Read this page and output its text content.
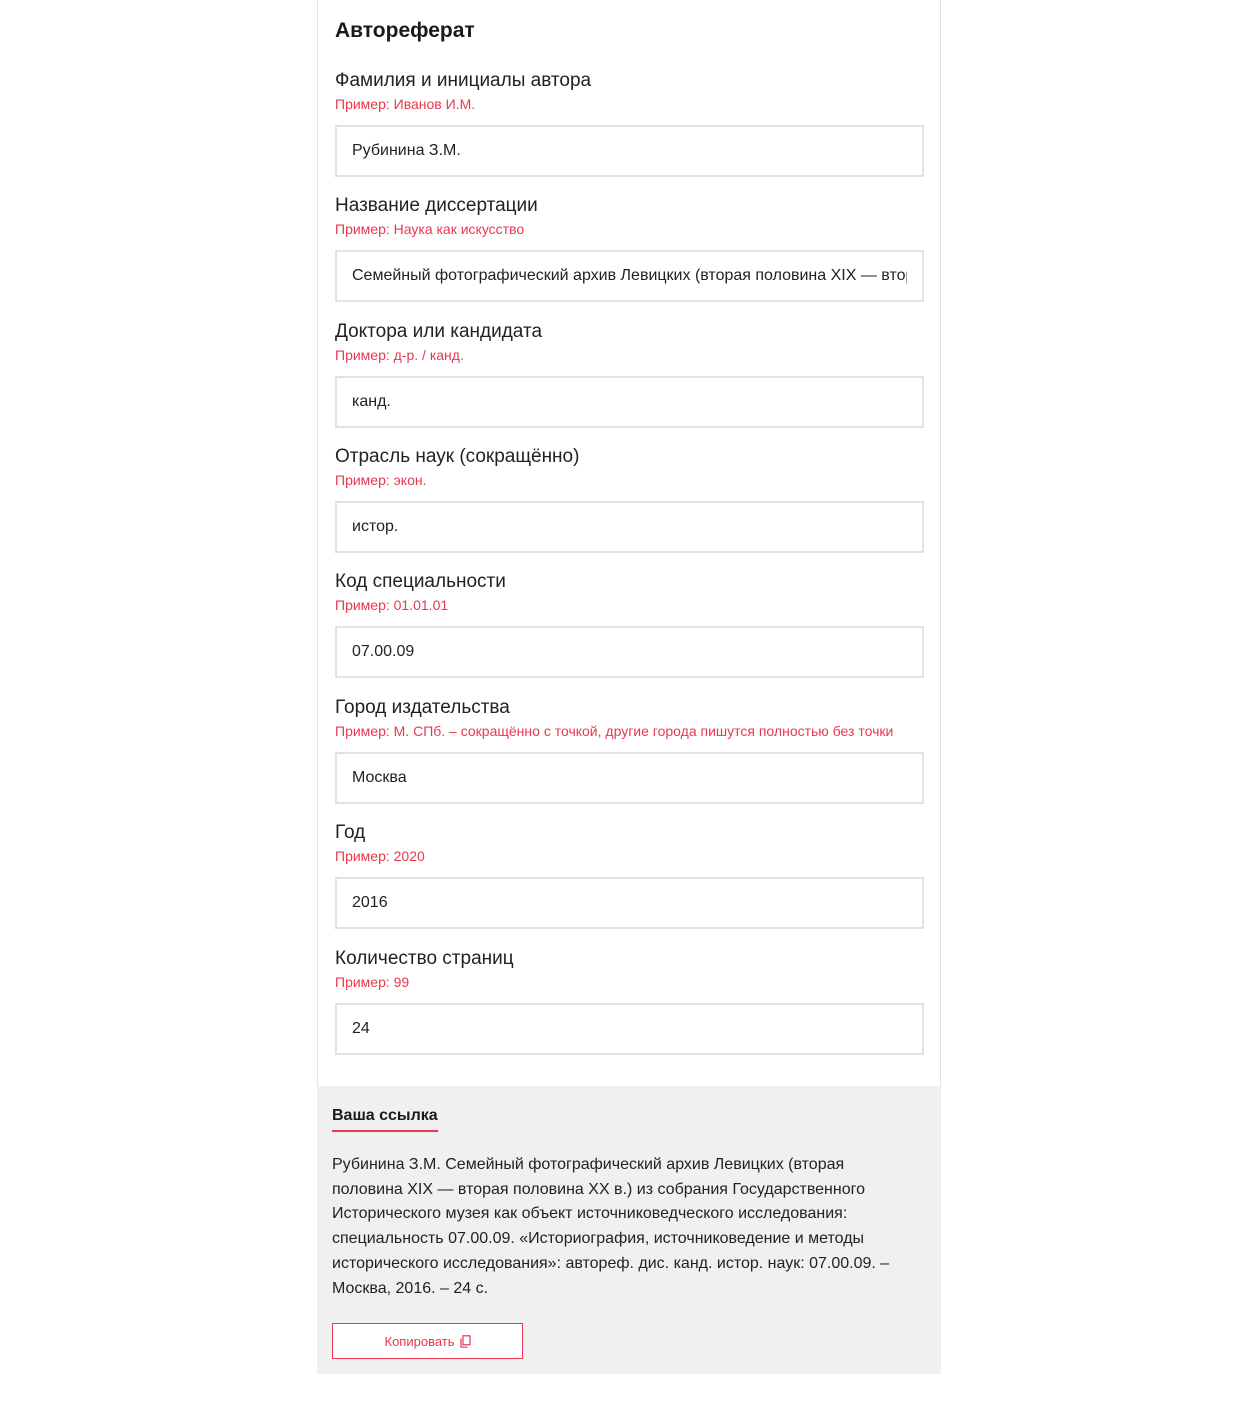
Автореферат
Фамилия и инициалы автора
Пример: Иванов И.М.
Рубинина З.М.
Название диссертации
Пример: Наука как искусство
Семейный фотографический архив Левицких (вторая половина XIX — вторая половина XX в.) из собрания Государственного Исторического музея как объект источниковедческого исследования
Доктора или кандидата
Пример: д-р. / канд.
канд.
Отрасль наук (сокращённо)
Пример: экон.
истор.
Код специальности
Пример: 01.01.01
07.00.09
Город издательства
Пример: М. СПб. – сокращённо с точкой, другие города пишутся полностью без точки
Москва
Год
Пример: 2020
2016
Количество страниц
Пример: 99
24
Ваша ссылка

Рубинина З.М. Семейный фотографический архив Левицких (вторая половина XIX — вторая половина XX в.) из собрания Государственного Исторического музея как объект источниковедческого исследования: специальность 07.00.09. «Историография, источниковедение и методы исторического исследования»: автореф. дис. канд. истор. наук: 07.00.09. – Москва, 2016. – 24 с.

Копировать
